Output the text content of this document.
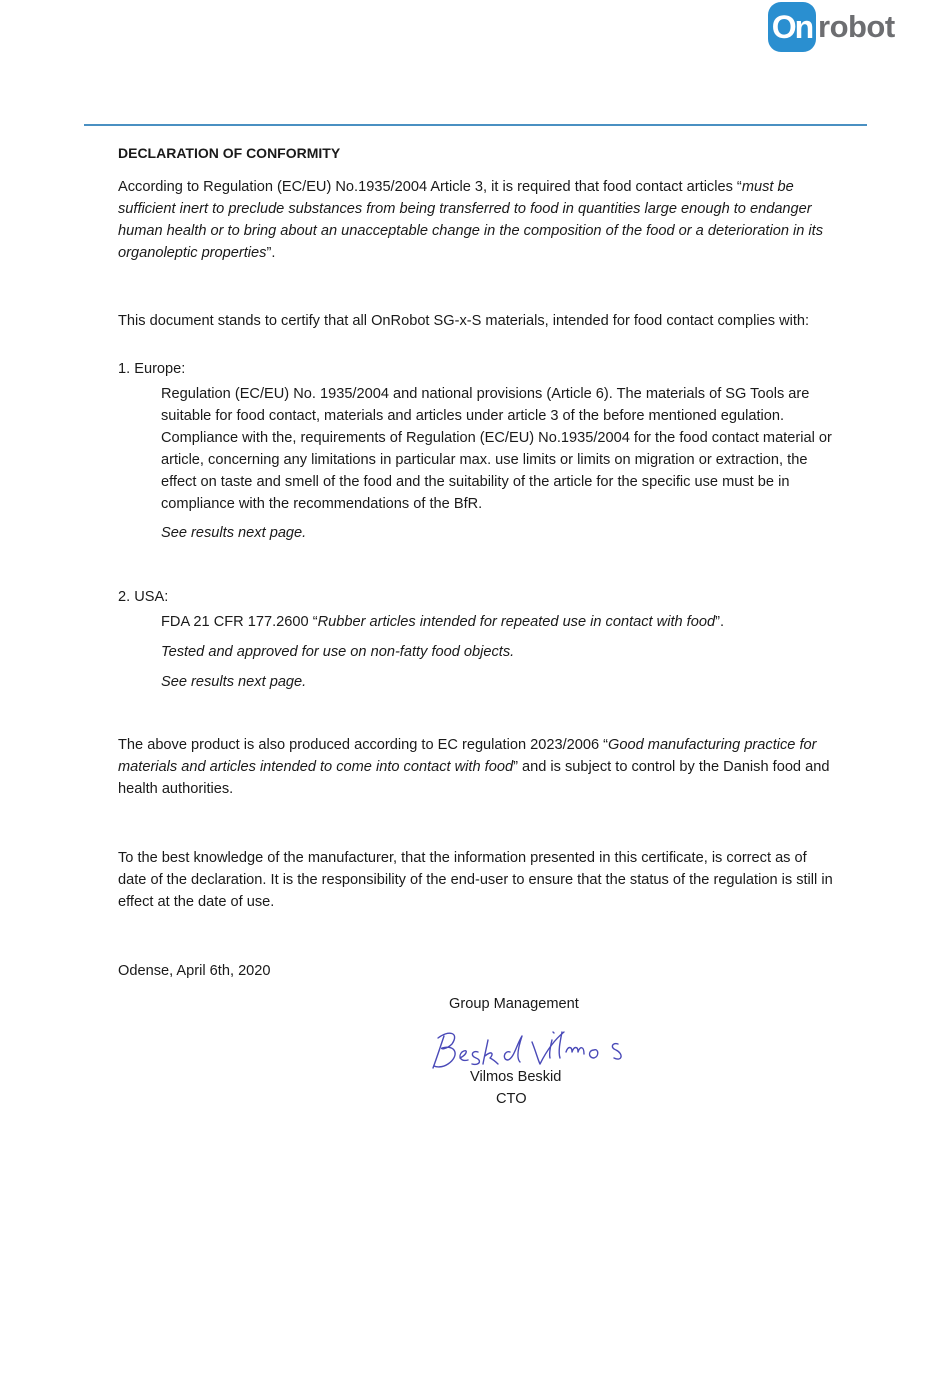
On robot

DECLARATION OF CONFORMITY

According to Regulation (EC/EU) No.1935/2004 Article 3, it is required that food contact articles “must be sufficient inert to preclude substances from being transferred to food in quantities large enough to endanger human health or to bring about an unacceptable change in the composition of the food or a deterioration in its organoleptic properties”.

This document stands to certify that all OnRobot SG-x-S materials, intended for food contact complies with:

1. Europe:

Regulation (EC/EU) No. 1935/2004 and national provisions (Article 6). The materials of SG Tools are suitable for food contact, materials and articles under article 3 of the before mentioned egulation. Compliance with the, requirements of Regulation (EC/EU) No.1935/2004 for the food contact material or article, concerning any limitations in particular max. use limits or limits on migration or extraction, the effect on taste and smell of the food and the suitability of the article for the specific use must be in compliance with the recommendations of the BfR.

See results next page.

2. USA:

FDA 21 CFR 177.2600 “Rubber articles intended for repeated use in contact with food”.

Tested and approved for use on non-fatty food objects.

See results next page.

The above product is also produced according to EC regulation 2023/2006 “Good manufacturing practice for materials and articles intended to come into contact with food” and is subject to control by the Danish food and health authorities.

To the best knowledge of the manufacturer, that the information presented in this certificate, is correct as of date of the declaration. It is the responsibility of the end-user to ensure that the status of the regulation is still in effect at the date of use.

Odense, April 6th, 2020

Group Management

Vilmos Beskid

CTO
